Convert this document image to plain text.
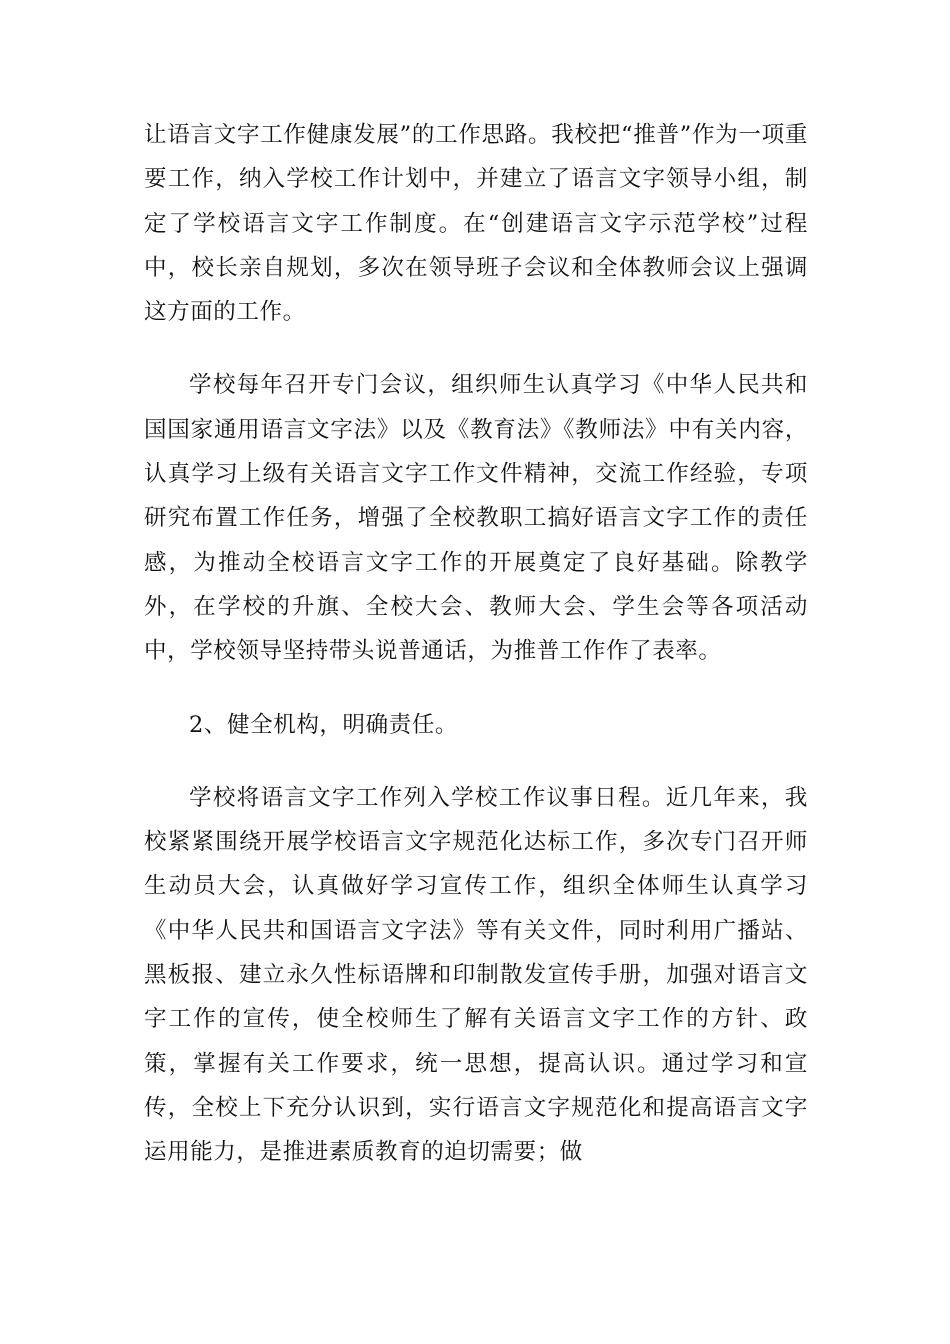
让语言文字工作健康发展”的工作思路。我校把“推普”作为一项重要工作，纳入学校工作计划中，并建立了语言文字领导小组，制定了学校语言文字工作制度。在“创建语言文字示范学校”过程中，校长亲自规划，多次在领导班子会议和全体教师会议上强调这方面的工作。

学校每年召开专门会议，组织师生认真学习《中华人民共和国国家通用语言文字法》以及《教育法》《教师法》中有关内容，认真学习上级有关语言文字工作文件精神，交流工作经验，专项研究布置工作任务，增强了全校教职工搞好语言文字工作的责任感，为推动全校语言文字工作的开展奠定了良好基础。除教学外，在学校的升旗、全校大会、教师大会、学生会等各项活动中，学校领导坚持带头说普通话，为推普工作作了表率。

2、健全机构，明确责任。

学校将语言文字工作列入学校工作议事日程。近几年来，我校紧紧围绕开展学校语言文字规范化达标工作，多次专门召开师生动员大会，认真做好学习宣传工作，组织全体师生认真学习《中华人民共和国语言文字法》等有关文件，同时利用广播站、黑板报、建立永久性标语牌和印制散发宣传手册，加强对语言文字工作的宣传，使全校师生了解有关语言文字工作的方针、政策，掌握有关工作要求，统一思想，提高认识。通过学习和宣传，全校上下充分认识到，实行语言文字规范化和提高语言文字运用能力，是推进素质教育的迫切需要；做
